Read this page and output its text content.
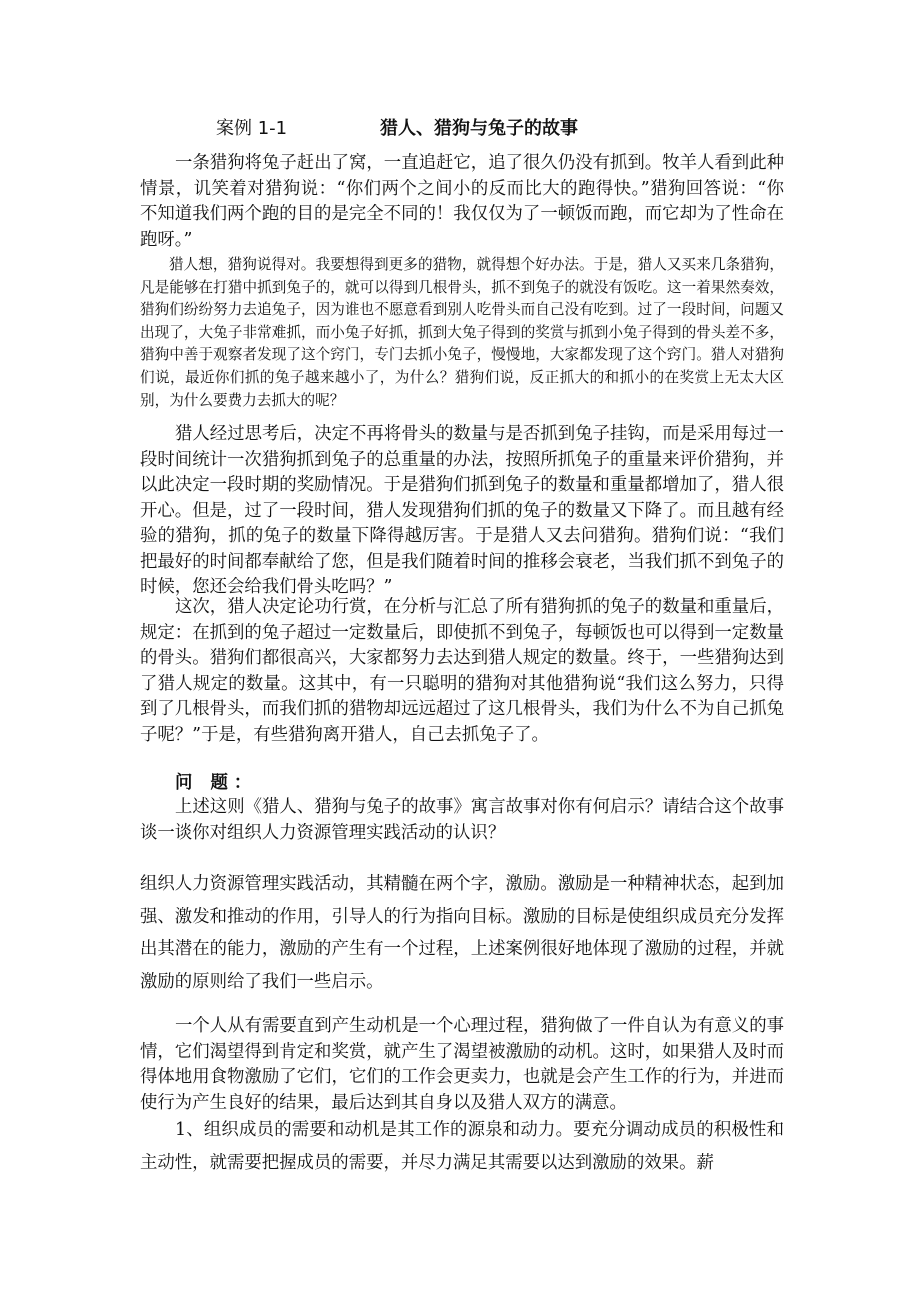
案例 1-1	猎人、猎狗与兔子的故事

一条猎狗将兔子赶出了窝，一直追赶它，追了很久仍没有抓到。牧羊人看到此种情景，讥笑着对猎狗说：“你们两个之间小的反而比大的跑得快。”猎狗回答说：“你不知道我们两个跑的目的是完全不同的！我仅仅为了一顿饭而跑，而它却为了性命在跑呀。”

猎人想，猎狗说得对。我要想得到更多的猎物，就得想个好办法。于是，猎人又买来几条猎狗，凡是能够在打猎中抓到兔子的，就可以得到几根骨头，抓不到兔子的就没有饭吃。这一着果然奏效，猎狗们纷纷努力去追兔子，因为谁也不愿意看到别人吃骨头而自己没有吃到。过了一段时间，问题又出现了，大兔子非常难抓，而小兔子好抓，抓到大兔子得到的奖赏与抓到小兔子得到的骨头差不多，猎狗中善于观察者发现了这个窍门，专门去抓小兔子，慢慢地，大家都发现了这个窍门。猎人对猎狗们说，最近你们抓的兔子越来越小了，为什么？猎狗们说，反正抓大的和抓小的在奖赏上无太大区别，为什么要费力去抓大的呢？

猎人经过思考后，决定不再将骨头的数量与是否抓到兔子挂钩，而是采用每过一段时间统计一次猎狗抓到兔子的总重量的办法，按照所抓兔子的重量来评价猎狗，并以此决定一段时期的奖励情况。于是猎狗们抓到兔子的数量和重量都增加了，猎人很开心。但是，过了一段时间，猎人发现猎狗们抓的兔子的数量又下降了。而且越有经验的猎狗，抓的兔子的数量下降得越厉害。于是猎人又去问猎狗。猎狗们说：“我们把最好的时间都奉献给了您，但是我们随着时间的推移会衰老，当我们抓不到兔子的时候，您还会给我们骨头吃吗？”

这次，猎人决定论功行赏，在分析与汇总了所有猎狗抓的兔子的数量和重量后，规定：在抓到的兔子超过一定数量后，即使抓不到兔子，每顿饭也可以得到一定数量的骨头。猎狗们都很高兴，大家都努力去达到猎人规定的数量。终于，一些猎狗达到了猎人规定的数量。这其中，有一只聪明的猎狗对其他猎狗说“我们这么努力，只得到了几根骨头，而我们抓的猎物却远远超过了这几根骨头，我们为什么不为自己抓兔子呢？”于是，有些猎狗离开猎人，自己去抓兔子了。

问 题：

上述这则《猎人、猎狗与兔子的故事》寓言故事对你有何启示？请结合这个故事谈一谈你对组织人力资源管理实践活动的认识？

组织人力资源管理实践活动，其精髓在两个字，激励。激励是一种精神状态，起到加强、激发和推动的作用，引导人的行为指向目标。激励的目标是使组织成员充分发挥出其潜在的能力，激励的产生有一个过程，上述案例很好地体现了激励的过程，并就激励的原则给了我们一些启示。

一个人从有需要直到产生动机是一个心理过程，猎狗做了一件自认为有意义的事情，它们渴望得到肯定和奖赏，就产生了渴望被激励的动机。这时，如果猎人及时而得体地用食物激励了它们，它们的工作会更卖力，也就是会产生工作的行为，并进而使行为产生良好的结果，最后达到其自身以及猎人双方的满意。

1、组织成员的需要和动机是其工作的源泉和动力。要充分调动成员的积极性和主动性，就需要把握成员的需要，并尽力满足其需要以达到激励的效果。薪
